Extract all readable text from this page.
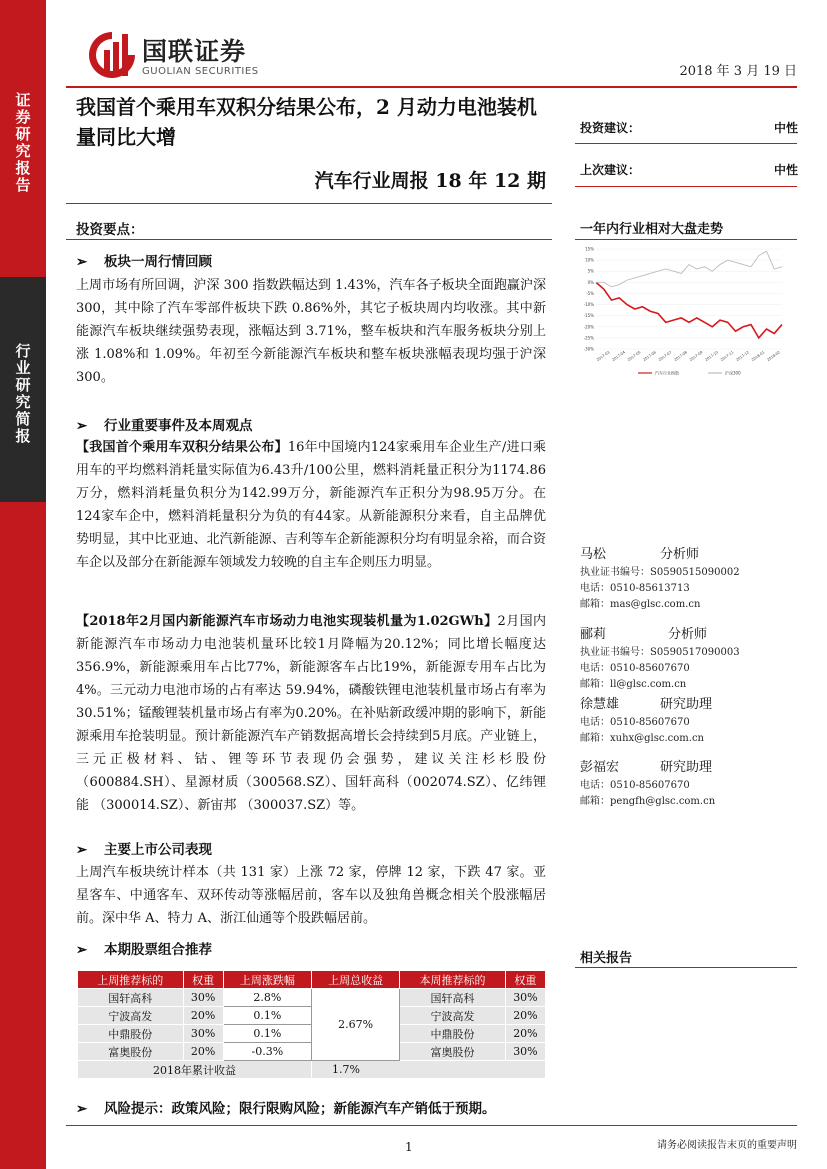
证券研究报告
行业研究简报
国联证券
GUOLIAN SECURITIES	2018 年 3 月 19 日
我国首个乘用车双积分结果公布，2 月动力电池装机量同比大增
汽车行业周报 18 年 12 期
投资建议：	中性
上次建议：	中性
投资要点：
➢ 板块一周行情回顾
上周市场有所回调，沪深 300 指数跌幅达到 1.43%，汽车各子板块全面跑赢沪深 300，其中除了汽车零部件板块下跌 0.86%外，其它子板块周内均收涨。其中新能源汽车板块继续强势表现，涨幅达到 3.71%，整车板块和汽车服务板块分别上涨 1.08%和 1.09%。年初至今新能源汽车板块和整车板块涨幅表现均强于沪深 300。
➢ 行业重要事件及本周观点
【我国首个乘用车双积分结果公布】16年中国境内124家乘用车企业生产/进口乘用车的平均燃料消耗量实际值为6.43升/100公里，燃料消耗量正积分为1174.86万分，燃料消耗量负积分为142.99万分，新能源汽车正积分为98.95万分。在124家车企中，燃料消耗量积分为负的有44家。从新能源积分来看，自主品牌优势明显，其中比亚迪、北汽新能源、吉利等车企新能源积分均有明显余裕，而合资车企以及部分在新能源车领域发力较晚的自主车企则压力明显。
【2018年2月国内新能源汽车市场动力电池实现装机量为1.02GWh】2月国内新能源汽车市场动力电池装机量环比较1月降幅为20.12%；同比增长幅度达356.9%，新能源乘用车占比77%，新能源客车占比19%，新能源专用车占比为4%。三元动力电池市场的占有率达 59.94%，磷酸铁锂电池装机量市场占有率为30.51%；锰酸锂装机量市场占有率为0.20%。在补贴新政缓冲期的影响下，新能源乘用车抢装明显。预计新能源汽车产销数据高增长会持续到5月底。产业链上，三元正极材料、钴、锂等环节表现仍会强势，建议关注杉杉股份（600884.SH）、星源材质（300568.SZ）、国轩高科（002074.SZ）、亿纬锂能 （300014.SZ）、新宙邦 （300037.SZ）等。
➢ 主要上市公司表现
上周汽车板块统计样本（共 131 家）上涨 72 家，停牌 12 家，下跌 47 家。亚星客车、中通客车、双环传动等涨幅居前，客车以及独角兽概念相关个股涨幅居前。深中华 A、特力 A、浙江仙通等个股跌幅居前。
➢ 本期股票组合推荐
上周推荐标的	权重	上周涨跌幅	上周总收益	本周推荐标的	权重
国轩高科	30%	2.8%	2.67%	国轩高科	30%
宁波高发	20%	0.1%		宁波高发	20%
中鼎股份	30%	0.1%		中鼎股份	20%
富奥股份	20%	-0.3%		富奥股份	30%
2018年累计收益			1.7%		
➢ 风险提示：政策风险；限行限购风险；新能源汽车产销低于预期。
一年内行业相对大盘走势
15%
10%
5%
0%
-5%
-10%
-15%
-20%
-25%
-30%
2017-03 2017-04 2017-05 2017-06 2017-07 2017-08 2017-09 2017-10 2017-11 2017-12 2018-01 2018-02
汽车行业指数	沪深300
马松	分析师
执业证书编号：S0590515090002
电话：0510-85613713
邮箱：mas@glsc.com.cn
郦莉	分析师
执业证书编号：S0590517090003
电话：0510-85607670
邮箱：ll@glsc.com.cn
徐慧雄	研究助理
电话：0510-85607670
邮箱：xuhx@glsc.com.cn
彭福宏	研究助理
电话：0510-85607670
邮箱：pengfh@glsc.com.cn
相关报告
1	请务必阅读报告末页的重要声明
